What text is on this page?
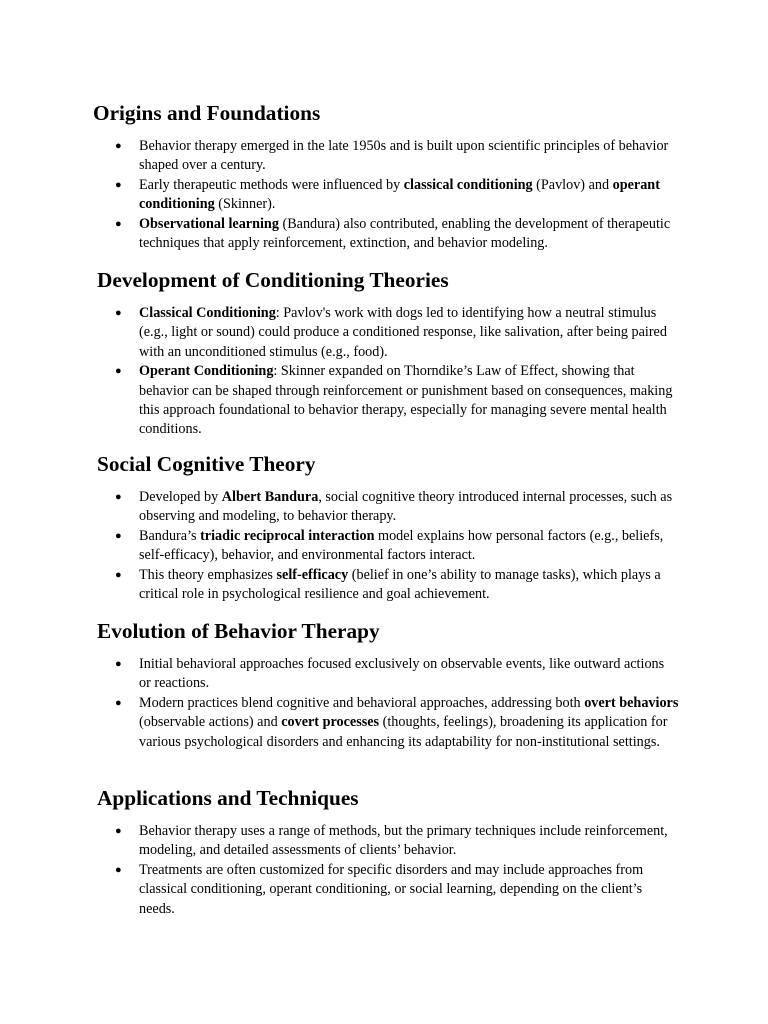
Origins and Foundations
● Behavior therapy emerged in the late 1950s and is built upon scientific principles of behavior shaped over a century.
● Early therapeutic methods were influenced by classical conditioning (Pavlov) and operant conditioning (Skinner).
● Observational learning (Bandura) also contributed, enabling the development of therapeutic techniques that apply reinforcement, extinction, and behavior modeling.
Development of Conditioning Theories
● Classical Conditioning: Pavlov's work with dogs led to identifying how a neutral stimulus (e.g., light or sound) could produce a conditioned response, like salivation, after being paired with an unconditioned stimulus (e.g., food).
● Operant Conditioning: Skinner expanded on Thorndike’s Law of Effect, showing that behavior can be shaped through reinforcement or punishment based on consequences, making this approach foundational to behavior therapy, especially for managing severe mental health conditions.
Social Cognitive Theory
● Developed by Albert Bandura, social cognitive theory introduced internal processes, such as observing and modeling, to behavior therapy.
● Bandura’s triadic reciprocal interaction model explains how personal factors (e.g., beliefs, self-efficacy), behavior, and environmental factors interact.
● This theory emphasizes self-efficacy (belief in one’s ability to manage tasks), which plays a critical role in psychological resilience and goal achievement.
Evolution of Behavior Therapy
● Initial behavioral approaches focused exclusively on observable events, like outward actions or reactions.
● Modern practices blend cognitive and behavioral approaches, addressing both overt behaviors (observable actions) and covert processes (thoughts, feelings), broadening its application for various psychological disorders and enhancing its adaptability for non-institutional settings.
Applications and Techniques
● Behavior therapy uses a range of methods, but the primary techniques include reinforcement, modeling, and detailed assessments of clients’ behavior.
● Treatments are often customized for specific disorders and may include approaches from classical conditioning, operant conditioning, or social learning, depending on the client’s needs.
